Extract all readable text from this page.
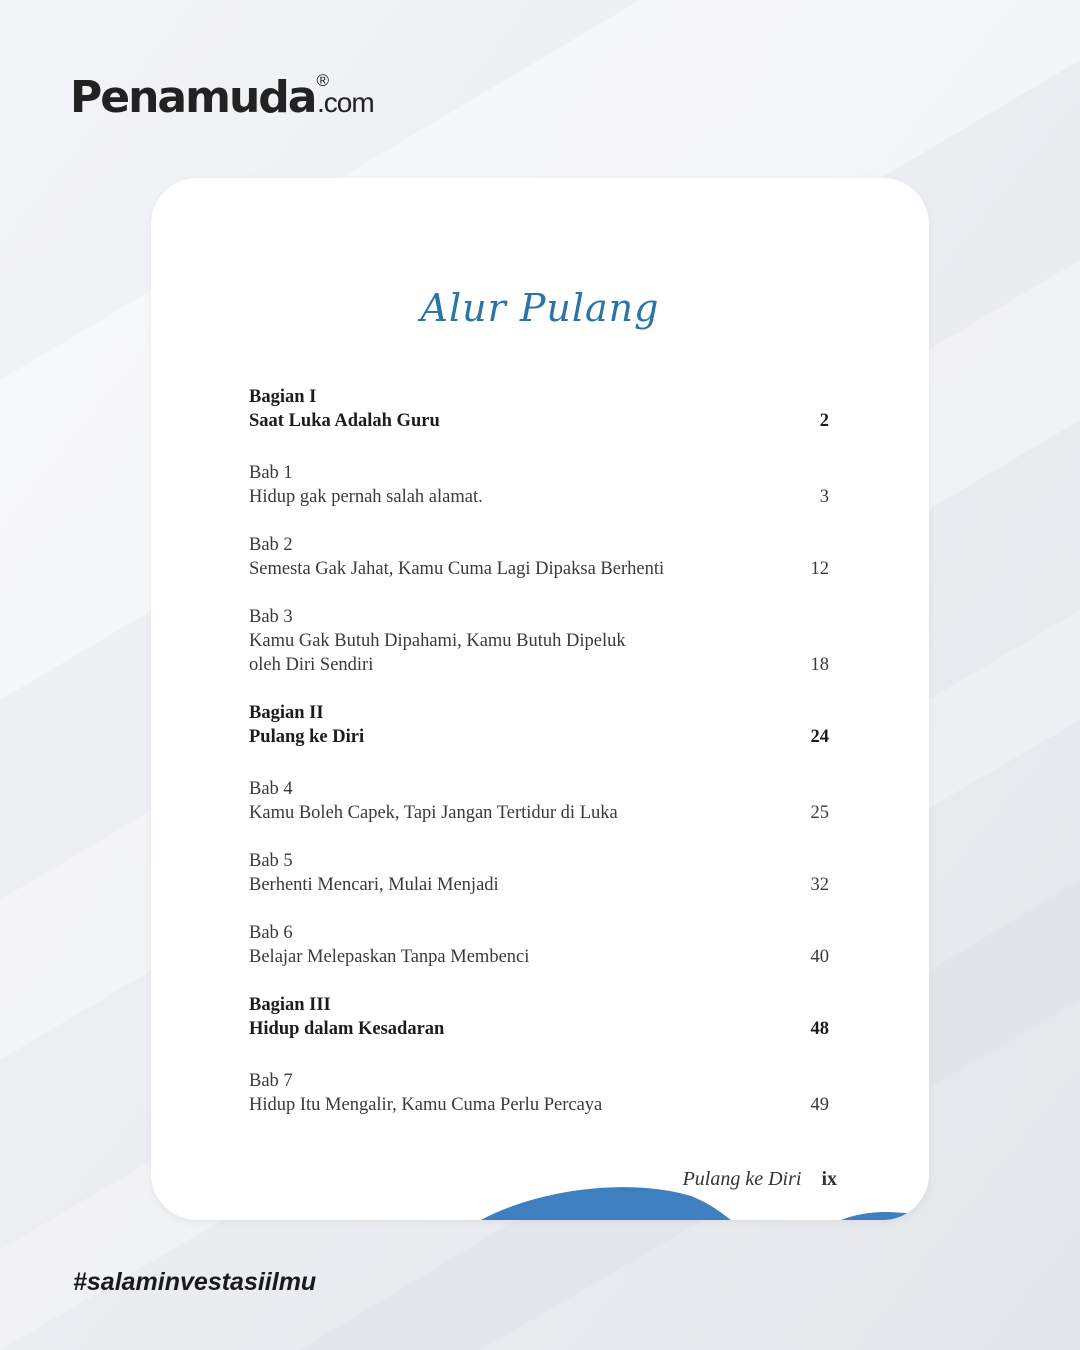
Penamuda ®
.com
Alur Pulang
Bagian I
Saat Luka Adalah Guru	2
Bab 1
Hidup gak pernah salah alamat.	3
Bab 2
Semesta Gak Jahat, Kamu Cuma Lagi Dipaksa Berhenti	12
Bab 3
Kamu Gak Butuh Dipahami, Kamu Butuh Dipeluk
oleh Diri Sendiri	18
Bagian II
Pulang ke Diri	24
Bab 4
Kamu Boleh Capek, Tapi Jangan Tertidur di Luka	25
Bab 5
Berhenti Mencari, Mulai Menjadi	32
Bab 6
Belajar Melepaskan Tanpa Membenci	40
Bagian III
Hidup dalam Kesadaran	48
Bab 7
Hidup Itu Mengalir, Kamu Cuma Perlu Percaya	49
Pulang ke Diri ix
#salaminvestasiilmu
